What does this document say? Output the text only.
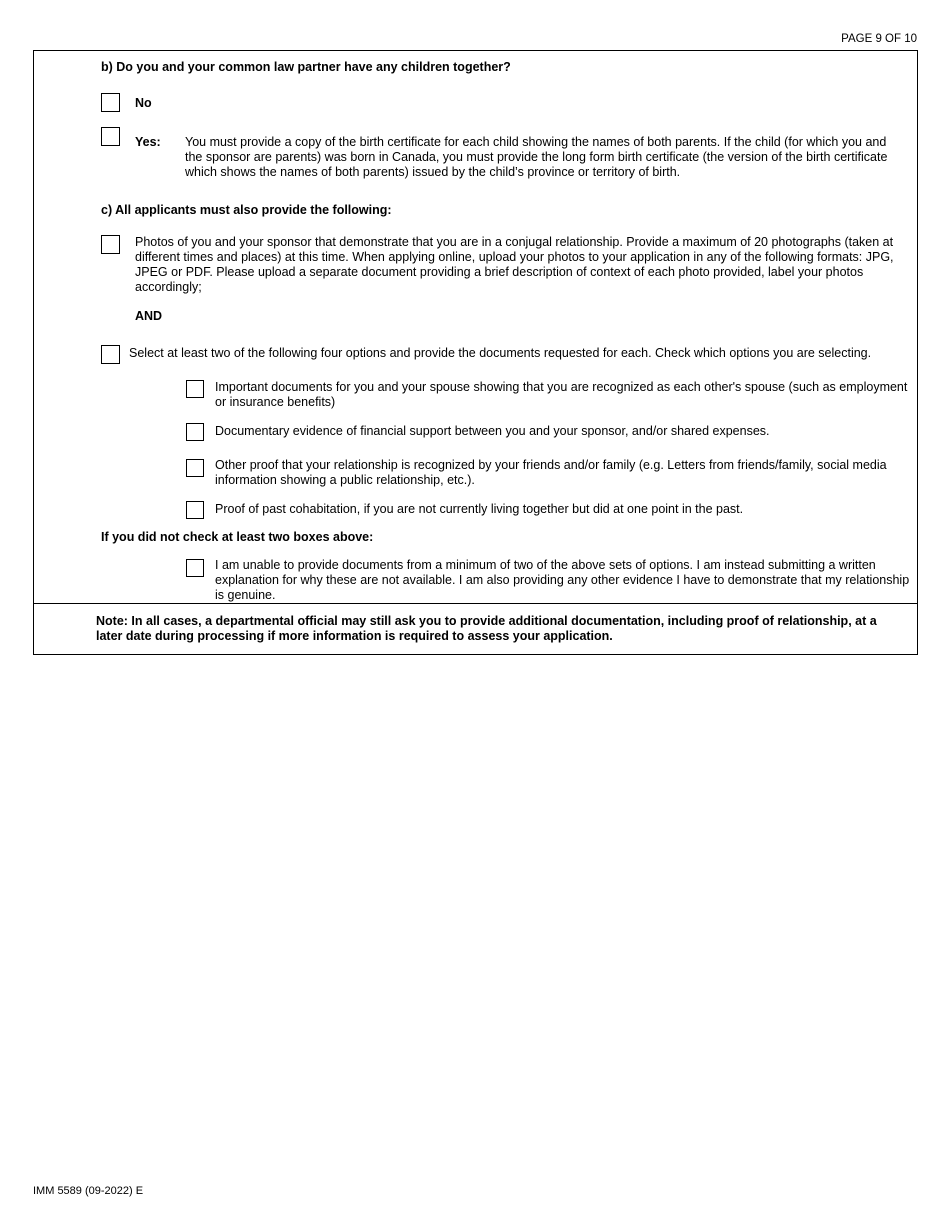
PAGE 9 OF 10
b) Do you and your common law partner have any children together?
No
Yes: You must provide a copy of the birth certificate for each child showing the names of both parents. If the child (for which you and the sponsor are parents) was born in Canada, you must provide the long form birth certificate (the version of the birth certificate which shows the names of both parents) issued by the child’s province or territory of birth.
c) All applicants must also provide the following:
Photos of you and your sponsor that demonstrate that you are in a conjugal relationship. Provide a maximum of 20 photographs (taken at different times and places) at this time. When applying online, upload your photos to your application in any of the following formats: JPG, JPEG or PDF. Please upload a separate document providing a brief description of context of each photo provided, label your photos accordingly;
AND
Select at least two of the following four options and provide the documents requested for each. Check which options you are selecting.
Important documents for you and your spouse showing that you are recognized as each other's spouse (such as employment or insurance benefits)
Documentary evidence of financial support between you and your sponsor, and/or shared expenses.
Other proof that your relationship is recognized by your friends and/or family (e.g. Letters from friends/family, social media information showing a public relationship, etc.).
Proof of past cohabitation, if you are not currently living together but did at one point in the past.
If you did not check at least two boxes above:
I am unable to provide documents from a minimum of two of the above sets of options. I am instead submitting a written explanation for why these are not available. I am also providing any other evidence I have to demonstrate that my relationship is genuine.
Note: In all cases, a departmental official may still ask you to provide additional documentation, including proof of relationship, at a later date during processing if more information is required to assess your application.
IMM 5589 (09-2022) E
